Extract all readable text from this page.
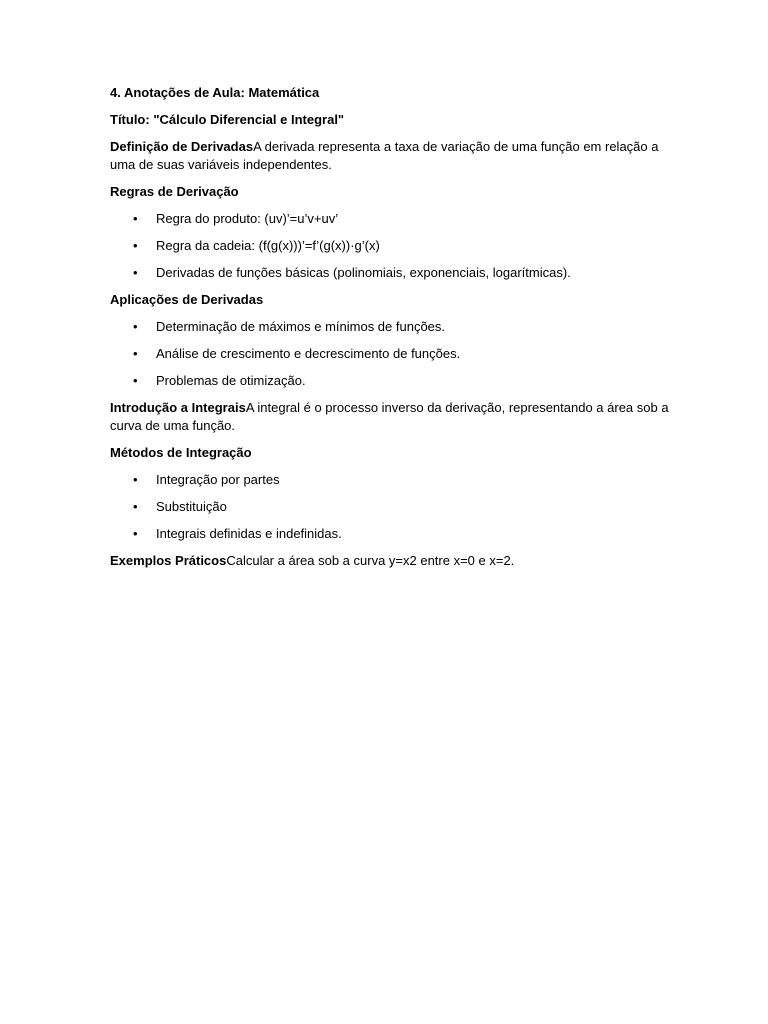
4. Anotações de Aula: Matemática

Título: "Cálculo Diferencial e Integral"

Definição de DerivadasA derivada representa a taxa de variação de uma função em relação a uma de suas variáveis independentes.

Regras de Derivação

• Regra do produto: (uv)’=u’v+uv’
• Regra da cadeia: (f(g(x)))’=f’(g(x))·g’(x)
• Derivadas de funções básicas (polinomiais, exponenciais, logarítmicas).

Aplicações de Derivadas

• Determinação de máximos e mínimos de funções.
• Análise de crescimento e decrescimento de funções.
• Problemas de otimização.

Introdução a IntegraisA integral é o processo inverso da derivação, representando a área sob a curva de uma função.

Métodos de Integração

• Integração por partes
• Substituição
• Integrais definidas e indefinidas.

Exemplos PráticosCalcular a área sob a curva y=x2 entre x=0 e x=2.
